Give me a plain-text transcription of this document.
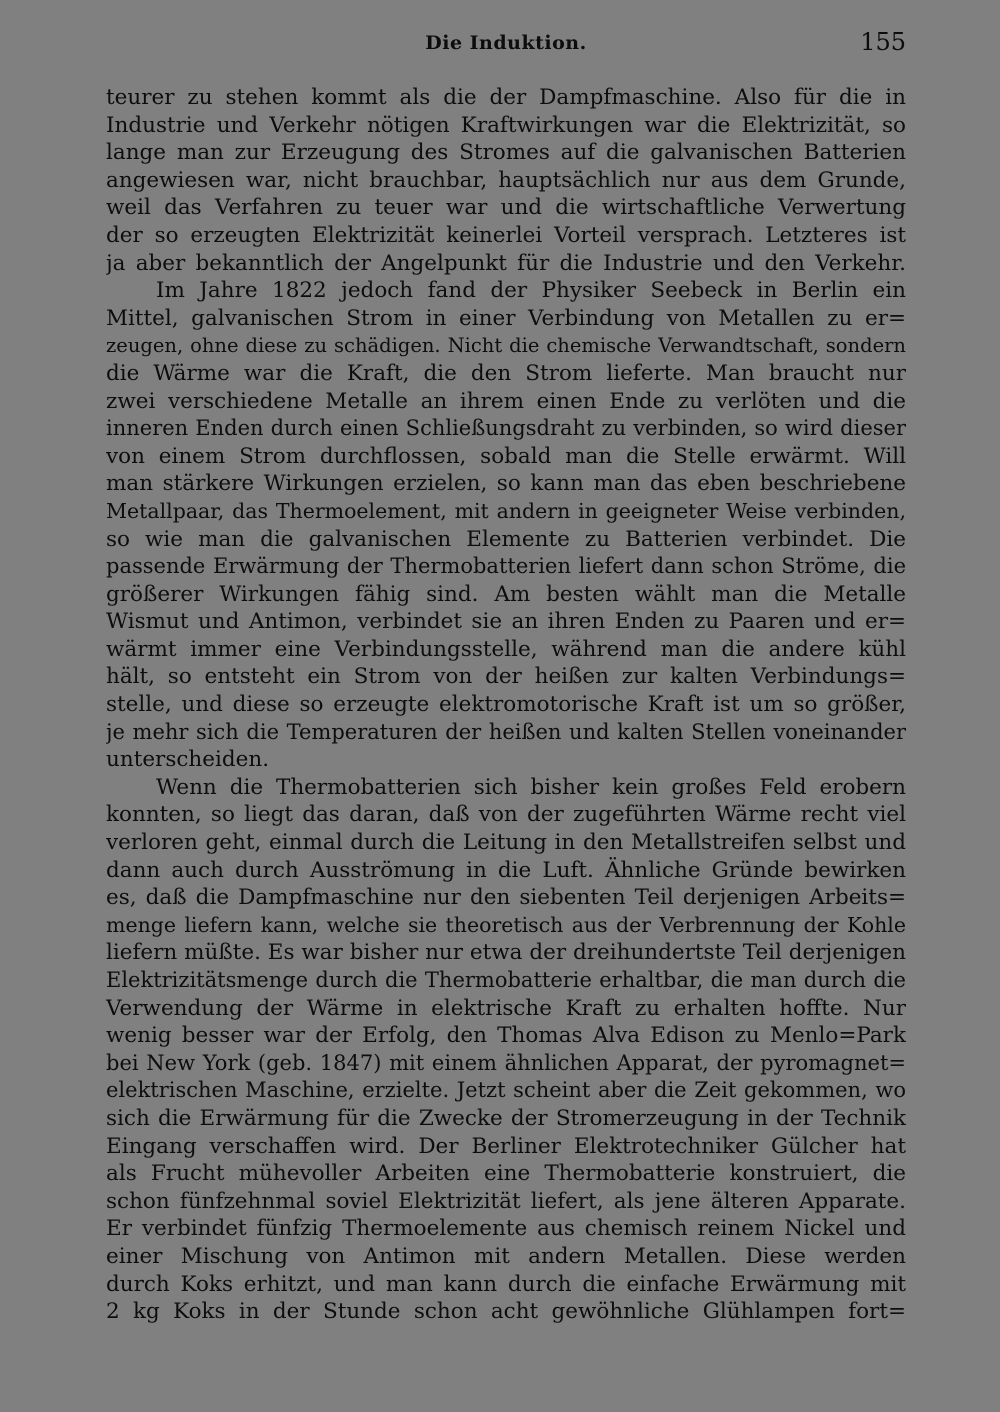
Die Induktion.	155
teurer zu stehen kommt als die der Dampfmaschine. Also für die in
Industrie und Verkehr nötigen Kraftwirkungen war die Elektrizität, so
lange man zur Erzeugung des Stromes auf die galvanischen Batterien
angewiesen war, nicht brauchbar, hauptsächlich nur aus dem Grunde,
weil das Verfahren zu teuer war und die wirtschaftliche Verwertung
der so erzeugten Elektrizität keinerlei Vorteil versprach. Letzteres ist
ja aber bekanntlich der Angelpunkt für die Industrie und den Verkehr.
Im Jahre 1822 jedoch fand der Physiker Seebeck in Berlin ein
Mittel, galvanischen Strom in einer Verbindung von Metallen zu er=
zeugen, ohne diese zu schädigen. Nicht die chemische Verwandtschaft, sondern
die Wärme war die Kraft, die den Strom lieferte. Man braucht nur
zwei verschiedene Metalle an ihrem einen Ende zu verlöten und die
inneren Enden durch einen Schließungsdraht zu verbinden, so wird dieser
von einem Strom durchflossen, sobald man die Stelle erwärmt. Will
man stärkere Wirkungen erzielen, so kann man das eben beschriebene
Metallpaar, das Thermoelement, mit andern in geeigneter Weise verbinden,
so wie man die galvanischen Elemente zu Batterien verbindet. Die
passende Erwärmung der Thermobatterien liefert dann schon Ströme, die
größerer Wirkungen fähig sind. Am besten wählt man die Metalle
Wismut und Antimon, verbindet sie an ihren Enden zu Paaren und er=
wärmt immer eine Verbindungsstelle, während man die andere kühl
hält, so entsteht ein Strom von der heißen zur kalten Verbindungs=
stelle, und diese so erzeugte elektromotorische Kraft ist um so größer,
je mehr sich die Temperaturen der heißen und kalten Stellen voneinander
unterscheiden.
Wenn die Thermobatterien sich bisher kein großes Feld erobern
konnten, so liegt das daran, daß von der zugeführten Wärme recht viel
verloren geht, einmal durch die Leitung in den Metallstreifen selbst und
dann auch durch Ausströmung in die Luft. Ähnliche Gründe bewirken
es, daß die Dampfmaschine nur den siebenten Teil derjenigen Arbeits=
menge liefern kann, welche sie theoretisch aus der Verbrennung der Kohle
liefern müßte. Es war bisher nur etwa der dreihundertste Teil derjenigen
Elektrizitätsmenge durch die Thermobatterie erhaltbar, die man durch die
Verwendung der Wärme in elektrische Kraft zu erhalten hoffte. Nur
wenig besser war der Erfolg, den Thomas Alva Edison zu Menlo=Park
bei New York (geb. 1847) mit einem ähnlichen Apparat, der pyromagnet=
elektrischen Maschine, erzielte. Jetzt scheint aber die Zeit gekommen, wo
sich die Erwärmung für die Zwecke der Stromerzeugung in der Technik
Eingang verschaffen wird. Der Berliner Elektrotechniker Gülcher hat
als Frucht mühevoller Arbeiten eine Thermobatterie konstruiert, die
schon fünfzehnmal soviel Elektrizität liefert, als jene älteren Apparate.
Er verbindet fünfzig Thermoelemente aus chemisch reinem Nickel und
einer Mischung von Antimon mit andern Metallen. Diese werden
durch Koks erhitzt, und man kann durch die einfache Erwärmung mit
2 kg Koks in der Stunde schon acht gewöhnliche Glühlampen fort=
